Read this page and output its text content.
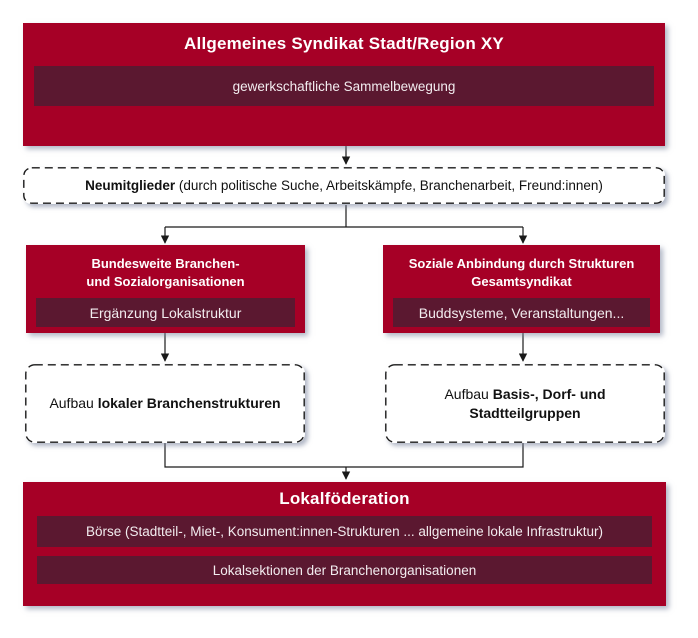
Allgemeines Syndikat Stadt/Region XY
gewerkschaftliche Sammelbewegung
Neumitglieder (durch politische Suche, Arbeitskämpfe, Branchenarbeit, Freund:innen)
Bundesweite Branchen-
und Sozialorganisationen
Ergänzung Lokalstruktur
Soziale Anbindung durch Strukturen
Gesamtsyndikat
Buddsysteme, Veranstaltungen...
Aufbau lokaler Branchenstrukturen
Aufbau Basis-, Dorf- und
Stadtteilgruppen
Lokalföderation
Börse (Stadtteil-, Miet-, Konsument:innen-Strukturen ... allgemeine lokale Infrastruktur)
Lokalsektionen der Branchenorganisationen
